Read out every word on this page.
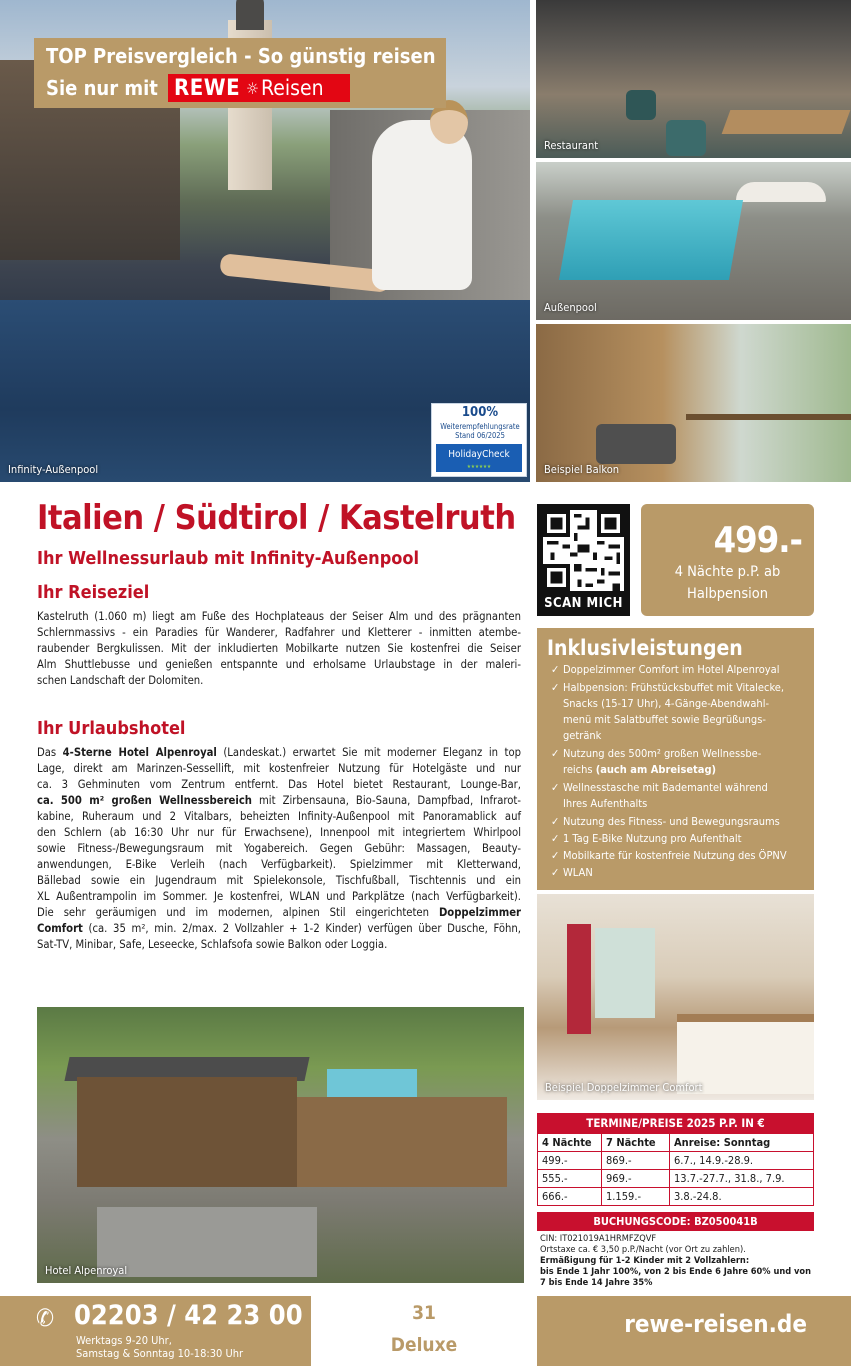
Infinity-Außenpool
TOP Preisvergleich - So günstig reisen
Sie nur mit REWE ☼ Reisen
100%
Weiterempfehlungsrate
Stand 06/2025
HolidayCheck
★★★★★★
Restaurant
Außenpool
Beispiel Balkon
Italien / Südtirol / Kastelruth
Ihr Wellnessurlaub mit Infinity-Außenpool
Ihr Reiseziel
Kastelruth (1.060 m) liegt am Fuße des Hochplateaus der Seiser Alm und des prägnanten
Schlernmassivs - ein Paradies für Wanderer, Radfahrer und Kletterer - inmitten atembe-
raubender Bergkulissen. Mit der inkludierten Mobilkarte nutzen Sie kostenfrei die Seiser
Alm Shuttlebusse und genießen entspannte und erholsame Urlaubstage in der maleri-
schen Landschaft der Dolomiten.
Ihr Urlaubshotel
Das 4-Sterne Hotel Alpenroyal (Landeskat.) erwartet Sie mit moderner Eleganz in top
Lage, direkt am Marinzen-Sessellift, mit kostenfreier Nutzung für Hotelgäste und nur
ca. 3 Gehminuten vom Zentrum entfernt. Das Hotel bietet Restaurant, Lounge-Bar,
ca. 500 m² großen Wellnessbereich mit Zirbensauna, Bio-Sauna, Dampfbad, Infrarot-
kabine, Ruheraum und 2 Vitalbars, beheizten Infinity-Außenpool mit Panoramablick auf
den Schlern (ab 16:30 Uhr nur für Erwachsene), Innenpool mit integriertem Whirlpool
sowie Fitness-/Bewegungsraum mit Yogabereich. Gegen Gebühr: Massagen, Beauty-
anwendungen, E-Bike Verleih (nach Verfügbarkeit). Spielzimmer mit Kletterwand,
Bällebad sowie ein Jugendraum mit Spielekonsole, Tischfußball, Tischtennis und ein
XL Außentrampolin im Sommer. Je kostenfrei, WLAN und Parkplätze (nach Verfügbarkeit).
Die sehr geräumigen und im modernen, alpinen Stil eingerichteten Doppelzimmer
Comfort (ca. 35 m², min. 2/max. 2 Vollzahler + 1-2 Kinder) verfügen über Dusche, Föhn,
Sat-TV, Minibar, Safe, Leseecke, Schlafsofa sowie Balkon oder Loggia.
Hotel Alpenroyal
SCAN MICH
499.-
4 Nächte p.P. ab
Halbpension
Inklusivleistungen
✓ Doppelzimmer Comfort im Hotel Alpenroyal
✓ Halbpension: Frühstücksbuffet mit Vitalecke,
Snacks (15-17 Uhr), 4-Gänge-Abendwahl-
menü mit Salatbuffet sowie Begrüßungs-
getränk
✓ Nutzung des 500m² großen Wellnessbe-
reichs (auch am Abreisetag)
✓ Wellnesstasche mit Bademantel während
Ihres Aufenthalts
✓ Nutzung des Fitness- und Bewegungsraums
✓ 1 Tag E-Bike Nutzung pro Aufenthalt
✓ Mobilkarte für kostenfreie Nutzung des ÖPNV
✓ WLAN
Beispiel Doppelzimmer Comfort
TERMINE/PREISE 2025 P.P. IN €
4 Nächte	7 Nächte	Anreise: Sonntag
499.-	869.-	6.7., 14.9.-28.9.
555.-	969.-	13.7.-27.7., 31.8., 7.9.
666.-	1.159.-	3.8.-24.8.
BUCHUNGSCODE: BZ050041B
CIN: IT021019A1HRMFZQVF
Ortstaxe ca. € 3,50 p.P./Nacht (vor Ort zu zahlen).
Ermäßigung für 1-2 Kinder mit 2 Vollzahlern:
bis Ende 1 Jahr 100%, von 2 bis Ende 6 Jahre 60% und von
7 bis Ende 14 Jahre 35%
✆ 02203 / 42 23 00
Werktags 9-20 Uhr,
Samstag & Sonntag 10-18:30 Uhr
31
Deluxe
rewe-reisen.de
